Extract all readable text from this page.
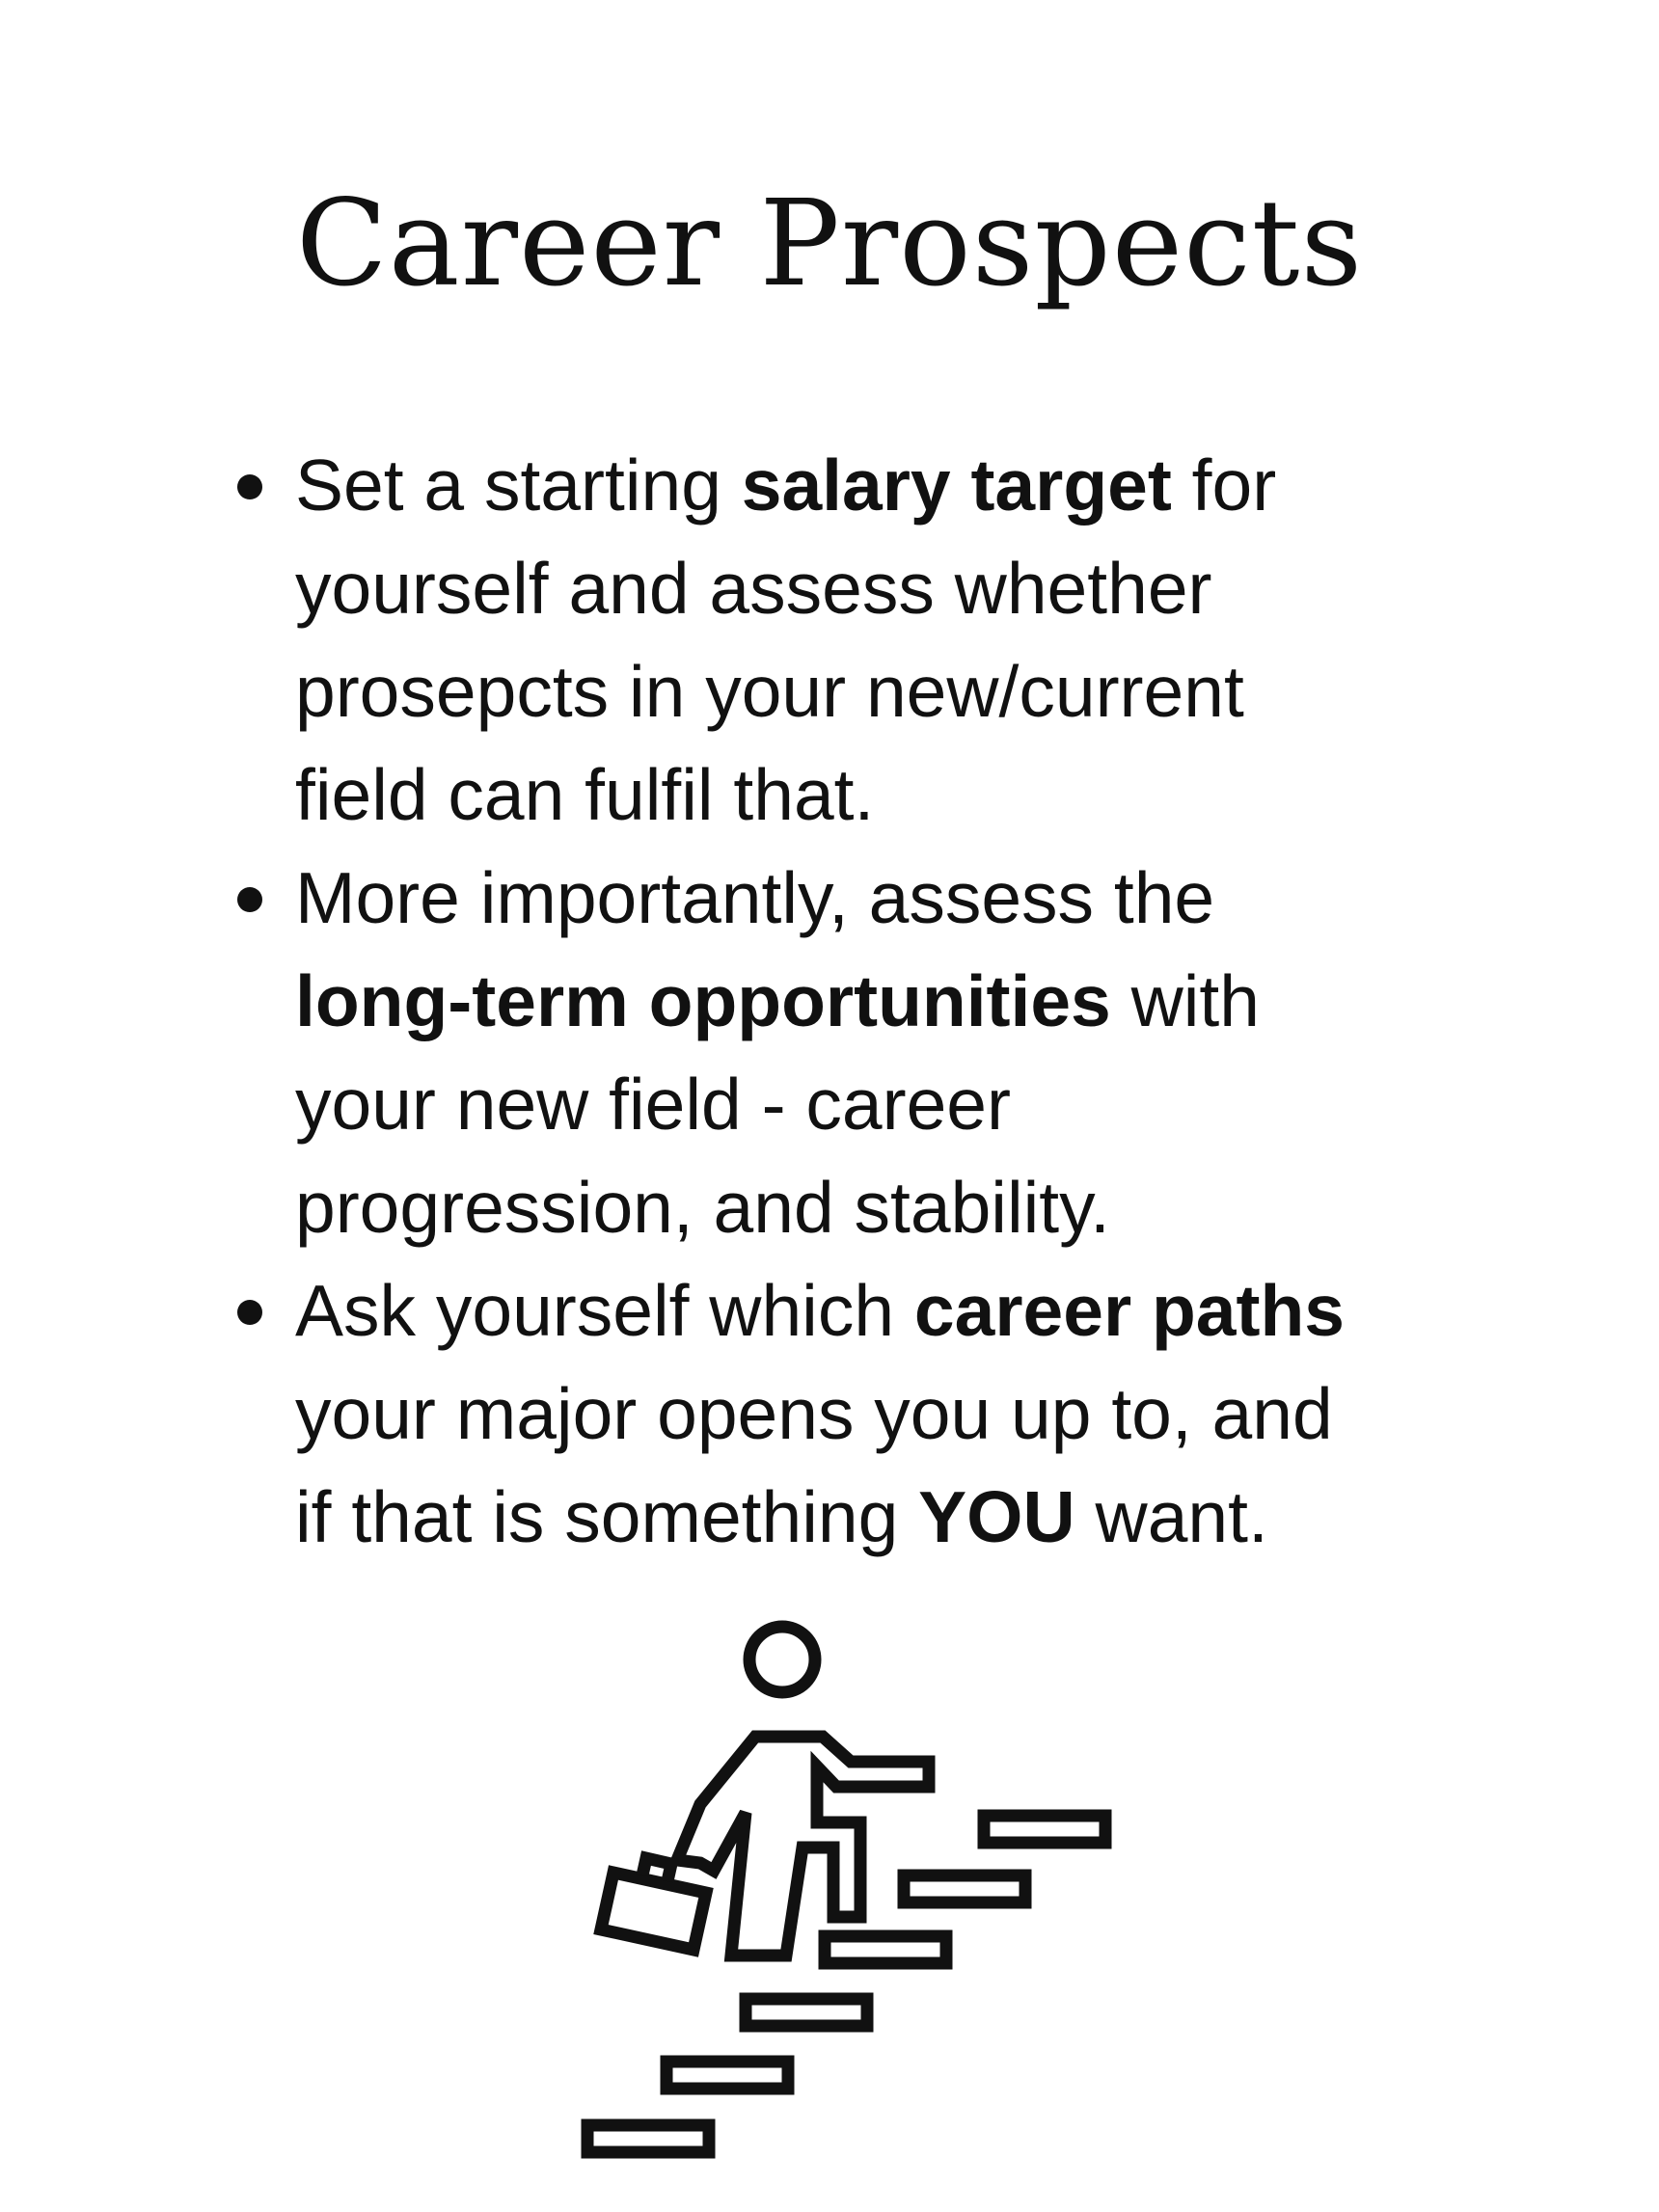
Career Prospects
Set a starting salary target for
yourself and assess whether
prosepcts in your new/current
field can fulfil that.
More importantly, assess the
long-term opportunities with
your new field - career
progression, and stability.
Ask yourself which career paths
your major opens you up to, and
if that is something YOU want.
